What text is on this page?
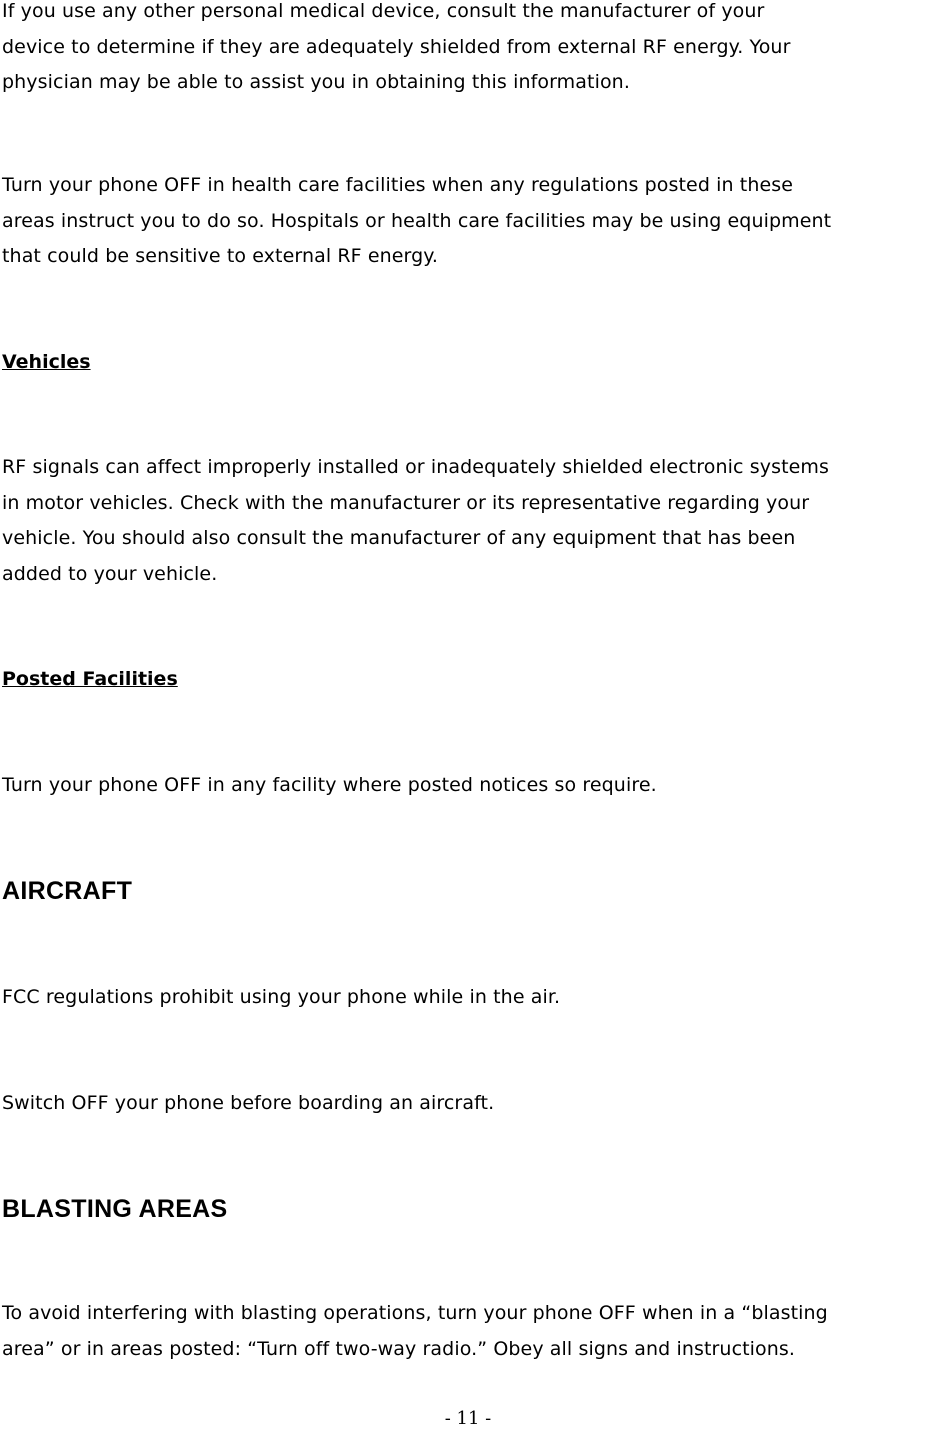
If you use any other personal medical device, consult the manufacturer of your
device to determine if they are adequately shielded from external RF energy. Your
physician may be able to assist you in obtaining this information.

Turn your phone OFF in health care facilities when any regulations posted in these
areas instruct you to do so. Hospitals or health care facilities may be using equipment
that could be sensitive to external RF energy.

Vehicles

RF signals can affect improperly installed or inadequately shielded electronic systems
in motor vehicles. Check with the manufacturer or its representative regarding your
vehicle. You should also consult the manufacturer of any equipment that has been
added to your vehicle.

Posted Facilities

Turn your phone OFF in any facility where posted notices so require.

AIRCRAFT

FCC regulations prohibit using your phone while in the air.

Switch OFF your phone before boarding an aircraft.

BLASTING AREAS

To avoid interfering with blasting operations, turn your phone OFF when in a “blasting
area” or in areas posted: “Turn off two-way radio.” Obey all signs and instructions.

- 11 -
